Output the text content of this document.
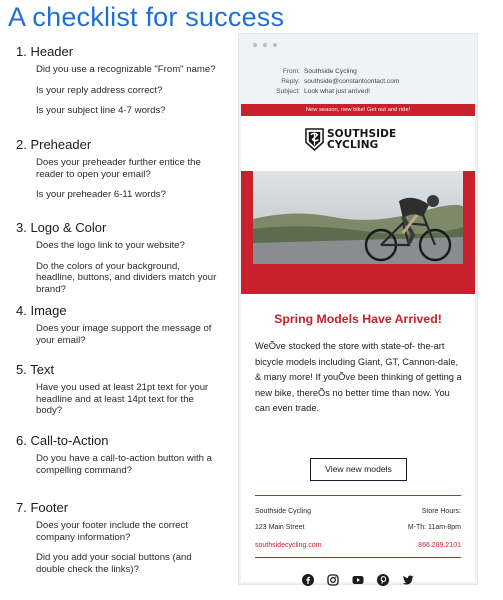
A checklist for success
1. Header
Did you use a recognizable "From" name?
Is your reply address correct?
Is your subject line 4-7 words?
2. Preheader
Does your preheader further entice the reader to open your email?
Is your preheader 6-11 words?
3. Logo & Color
Does the logo link to your website?
Do the colors of your background, headline, buttons, and dividers match your brand?
4. Image
Does your image support the message of your email?
5. Text
Have you used at least 21pt text for your headline and at least 14pt text for the body?
6. Call-to-Action
Do you have a call-to-action button with a compelling command?
7. Footer
Does your footer include the correct company information?
Did you add your social buttons (and double check the links)?
From: Southside Cycling
Reply: southside@constantcontact.com
Subject: Look what just arrived!
New season, new bike! Get out and ride!
SOUTHSIDE
CYCLING
Spring Models Have Arrived!
WeÕve stocked the store with state-of- the-art bicycle models including Giant, GT, Cannon-dale, & many more! If youÕve been thinking of getting a new bike, thereÕs no better time than now. You can even trade.
View new models
Southside Cycling	Store Hours:
123 Main Street	M-Th: 11am-8pm
southsidecycling.com	866.289.2101
